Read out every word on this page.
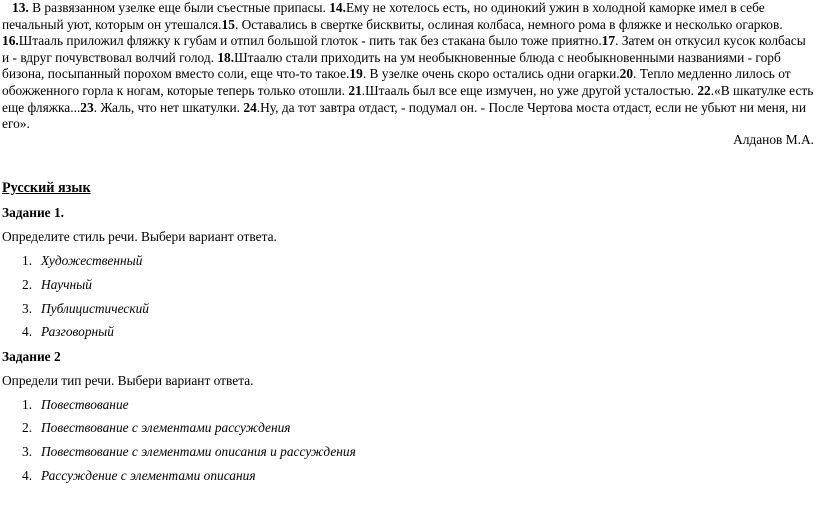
13. В развязанном узелке еще были съестные припасы. 14.Ему не хотелось есть, но одинокий ужин в холодной каморке имел в себе печальный уют, которым он утешался.15. Оставались в свертке бисквиты, ослиная колбаса, немного рома в фляжке и несколько огарков. 16.Штааль приложил фляжку к губам и отпил большой глоток - пить так без стакана было тоже приятно.17. Затем он откусил кусок колбасы и - вдруг почувствовал волчий голод. 18.Штаалю стали приходить на ум необыкновенные блюда с необыкновенными названиями - горб бизона, посыпанный порохом вместо соли, еще что-то такое.19. В узелке очень скоро остались одни огарки.20. Тепло медленно лилось от обожженного горла к ногам, которые теперь только отошли. 21.Штааль был все еще измучен, но уже другой усталостью. 22.«В шкатулке есть еще фляжка...23. Жаль, что нет шкатулки. 24.Ну, да тот завтра отдаст, - подумал он. - После Чертова моста отдаст, если не убьют ни меня, ни его».

Алданов М.А.

Русский язык

Задание 1.

Определите стиль речи. Выбери вариант ответа.

1. Художественный

2. Научный

3. Публицистический

4. Разговорный

Задание 2

Определи тип речи. Выбери вариант ответа.

1. Повествование

2. Повествование с элементами рассуждения

3. Повествование с элементами описания и рассуждения

4. Рассуждение с элементами описания
